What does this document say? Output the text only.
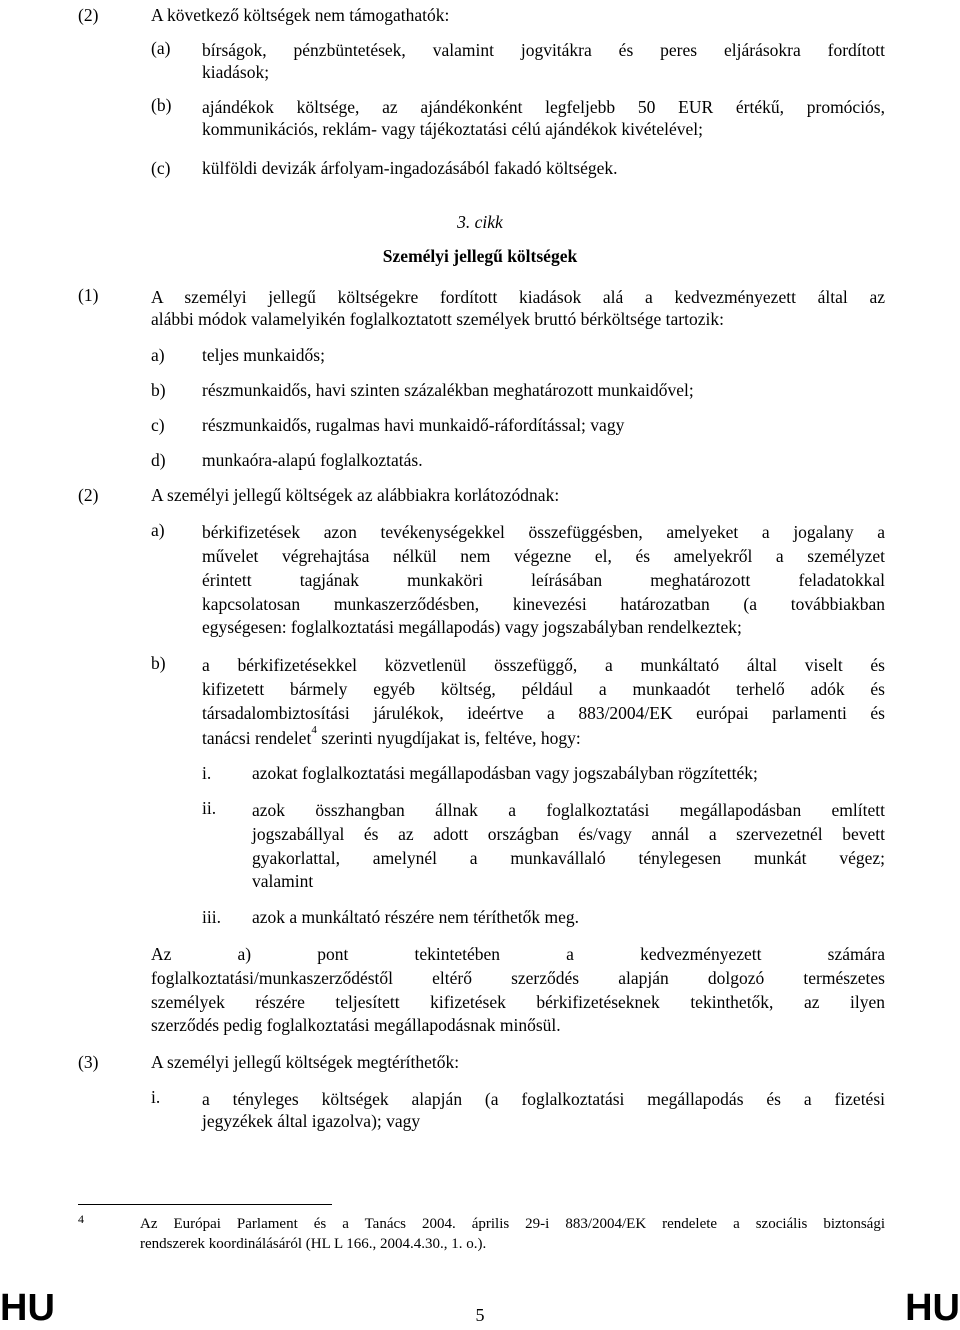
(2)	A következő költségek nem támogathatók:
(a) bírságok, pénzbüntetések, valamint jogvitákra és peres eljárásokra fordított
kiadások;
(b) ajándékok költsége, az ajándékonként legfeljebb 50 EUR értékű, promóciós,
kommunikációs, reklám- vagy tájékoztatási célú ajándékok kivételével;
(c) külföldi devizák árfolyam-ingadozásából fakadó költségek.
3. cikk
Személyi jellegű költségek
(1)	A személyi jellegű költségekre fordított kiadások alá a kedvezményezett által az
alábbi módok valamelyikén foglalkoztatott személyek bruttó bérköltsége tartozik:
a) teljes munkaidős;
b) részmunkaidős, havi szinten százalékban meghatározott munkaidővel;
c) részmunkaidős, rugalmas havi munkaidő-ráfordítással; vagy
d) munkaóra-alapú foglalkoztatás.
(2)	A személyi jellegű költségek az alábbiakra korlátozódnak:
a) bérkifizetések azon tevékenységekkel összefüggésben, amelyeket a jogalany a
művelet végrehajtása nélkül nem végezne el, és amelyekről a személyzet
érintett tagjának munkaköri leírásában meghatározott feladatokkal
kapcsolatosan munkaszerződésben, kinevezési határozatban (a továbbiakban
egységesen: foglalkoztatási megállapodás) vagy jogszabályban rendelkeztek;
b) a bérkifizetésekkel közvetlenül összefüggő, a munkáltató által viselt és
kifizetett bármely egyéb költség, például a munkaadót terhelő adók és
társadalombiztosítási járulékok, ideértve a 883/2004/EK európai parlamenti és
tanácsi rendelet$^4$ szerinti nyugdíjakat is, feltéve, hogy:
i. azokat foglalkoztatási megállapodásban vagy jogszabályban rögzítették;
ii. azok összhangban állnak a foglalkoztatási megállapodásban említett
jogszabállyal és az adott országban és/vagy annál a szervezetnél bevett
gyakorlattal, amelynél a munkavállaló ténylegesen munkát végez;
valamint
iii. azok a munkáltató részére nem téríthetők meg.
Az a) pont tekintetében a kedvezményezett számára
foglalkoztatási/munkaszerződéstől eltérő szerződés alapján dolgozó természetes
személyek részére teljesített kifizetések bérkifizetéseknek tekinthetők, az ilyen
szerződés pedig foglalkoztatási megállapodásnak minősül.
(3)	A személyi jellegű költségek megtéríthetők:
i. a tényleges költségek alapján (a foglalkoztatási megállapodás és a fizetési
jegyzékek által igazolva); vagy
4	Az Európai Parlament és a Tanács 2004. április 29-i 883/2004/EK rendelete a szociális biztonsági
rendszerek koordinálásáról (HL L 166., 2004.4.30., 1. o.).
HU	5	HU
